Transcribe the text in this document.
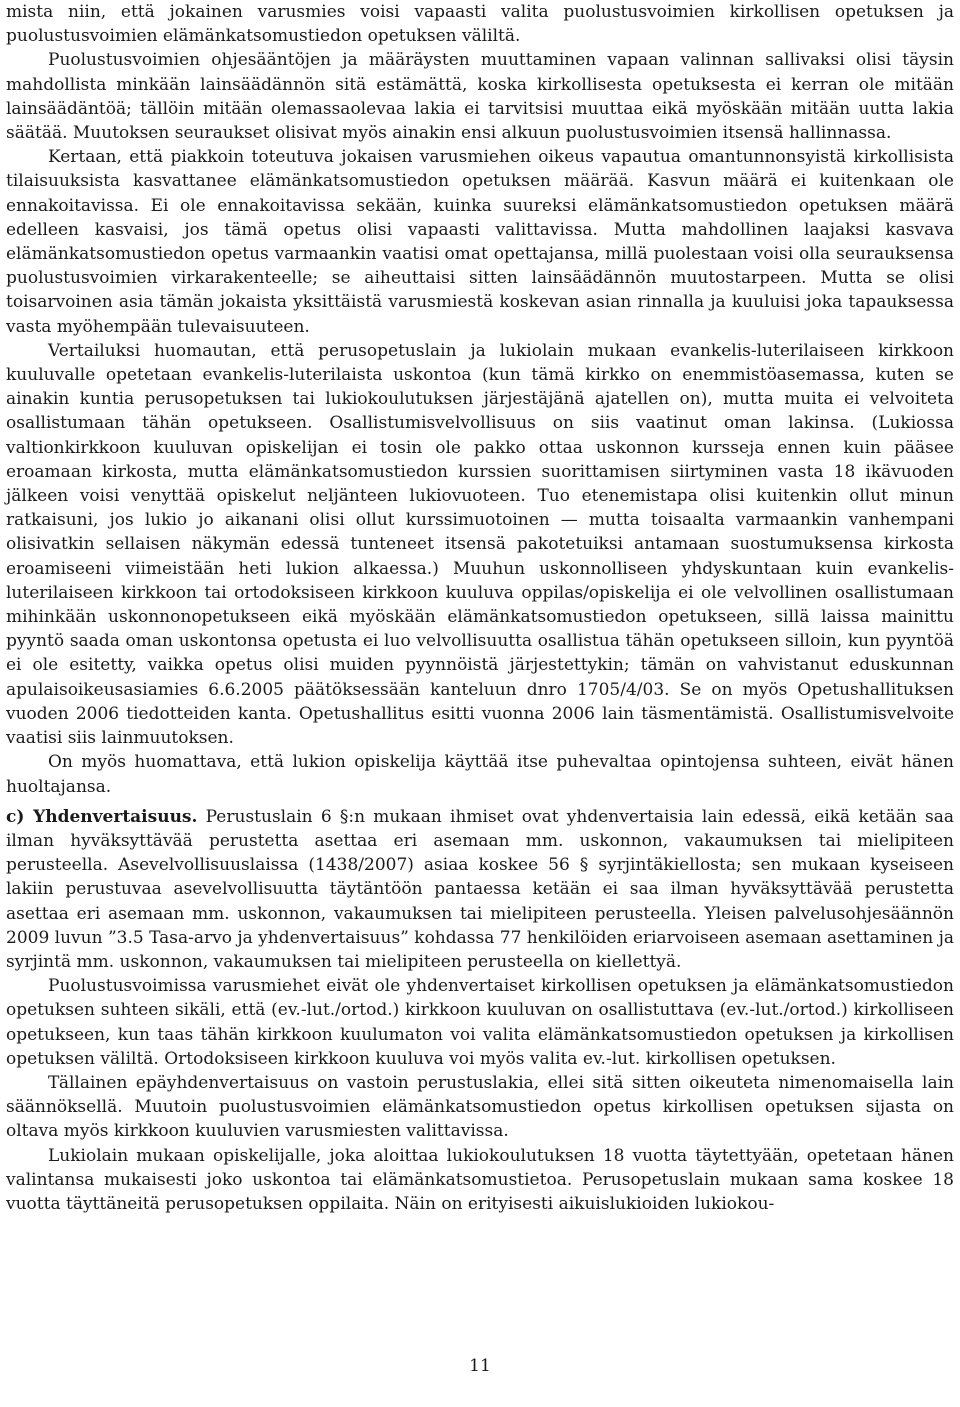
mista niin, että jokainen varusmies voisi vapaasti valita puolustusvoimien kirkollisen opetuksen ja puolustusvoimien elämänkatsomustiedon opetuksen väliltä.

Puolustusvoimien ohjesääntöjen ja määräysten muuttaminen vapaan valinnan sallivaksi olisi täysin mahdollista minkään lainsäädännön sitä estämättä, koska kirkollisesta opetuksesta ei kerran ole mitään lainsäädäntöä; tällöin mitään olemassaolevaa lakia ei tarvitsisi muuttaa eikä myöskään mitään uutta lakia säätää. Muutoksen seuraukset olisivat myös ainakin ensi alkuun puolustusvoimien itsensä hallinnassa.

Kertaan, että piakkoin toteutuva jokaisen varusmiehen oikeus vapautua omantunnonsyistä kirkollisista tilaisuuksista kasvattanee elämänkatsomustiedon opetuksen määrää. Kasvun määrä ei kuitenkaan ole ennakoitavissa. Ei ole ennakoitavissa sekään, kuinka suureksi elämänkatsomustiedon opetuksen määrä edelleen kasvaisi, jos tämä opetus olisi vapaasti valittavissa. Mutta mahdollinen laajaksi kasvava elämänkatsomustiedon opetus varmaankin vaatisi omat opettajansa, millä puolestaan voisi olla seurauksensa puolustusvoimien virkarakenteelle; se aiheuttaisi sitten lainsäädännön muutostarpeen. Mutta se olisi toisarvoinen asia tämän jokaista yksittäistä varusmiestä koskevan asian rinnalla ja kuuluisi joka tapauksessa vasta myöhempään tulevaisuuteen.

Vertailuksi huomautan, että perusopetuslain ja lukiolain mukaan evankelis-luterilaiseen kirkkoon kuuluvalle opetetaan evankelis-luterilaista uskontoa (kun tämä kirkko on enemmistöasemassa, kuten se ainakin kuntia perusopetuksen tai lukiokoulutuksen järjestäjänä ajatellen on), mutta muita ei velvoiteta osallistumaan tähän opetukseen. Osallistumisvelvollisuus on siis vaatinut oman lakinsa. (Lukiossa valtionkirkkoon kuuluvan opiskelijan ei tosin ole pakko ottaa uskonnon kursseja ennen kuin pääsee eroamaan kirkosta, mutta elämänkatsomustiedon kurssien suorittamisen siirtyminen vasta 18 ikävuoden jälkeen voisi venyttää opiskelut neljänteen lukiovuoteen. Tuo etenemistapa olisi kuitenkin ollut minun ratkaisuni, jos lukio jo aikanani olisi ollut kurssimuotoinen — mutta toisaalta varmaankin vanhempani olisivatkin sellaisen näkymän edessä tunteneet itsensä pakotetuiksi antamaan suostumuksensa kirkosta eroamiseeni viimeistään heti lukion alkaessa.) Muuhun uskonnolliseen yhdyskuntaan kuin evankelis-luterilaiseen kirkkoon tai ortodoksiseen kirkkoon kuuluva oppilas/opiskelija ei ole velvollinen osallistumaan mihinkään uskonnonopetukseen eikä myöskään elämänkatsomustiedon opetukseen, sillä laissa mainittu pyyntö saada oman uskontonsa opetusta ei luo velvollisuutta osallistua tähän opetukseen silloin, kun pyyntöä ei ole esitetty, vaikka opetus olisi muiden pyynnöistä järjestettykin; tämän on vahvistanut eduskunnan apulaisoikeusasiamies 6.6.2005 päätöksessään kanteluun dnro 1705/4/03. Se on myös Opetushallituksen vuoden 2006 tiedotteiden kanta. Opetushallitus esitti vuonna 2006 lain täsmentämistä. Osallistumisvelvoite vaatisi siis lainmuutoksen.

On myös huomattava, että lukion opiskelija käyttää itse puhevaltaa opintojensa suhteen, eivät hänen huoltajansa.

c) Yhdenvertaisuus. Perustuslain 6 §:n mukaan ihmiset ovat yhdenvertaisia lain edessä, eikä ketään saa ilman hyväksyttävää perustetta asettaa eri asemaan mm. uskonnon, vakaumuksen tai mielipiteen perusteella. Asevelvollisuuslaissa (1438/2007) asiaa koskee 56 § syrjintäkiellosta; sen mukaan kyseiseen lakiin perustuvaa asevelvollisuutta täytäntöön pantaessa ketään ei saa ilman hyväksyttävää perustetta asettaa eri asemaan mm. uskonnon, vakaumuksen tai mielipiteen perusteella. Yleisen palvelusohjesäännön 2009 luvun ”3.5 Tasa-arvo ja yhdenvertaisuus” kohdassa 77 henkilöiden eriarvoiseen asemaan asettaminen ja syrjintä mm. uskonnon, vakaumuksen tai mielipiteen perusteella on kiellettyä.

Puolustusvoimissa varusmiehet eivät ole yhdenvertaiset kirkollisen opetuksen ja elämänkatsomustiedon opetuksen suhteen sikäli, että (ev.-lut./ortod.) kirkkoon kuuluvan on osallistuttava (ev.-lut./ortod.) kirkolliseen opetukseen, kun taas tähän kirkkoon kuulumaton voi valita elämänkatsomustiedon opetuksen ja kirkollisen opetuksen väliltä. Ortodoksiseen kirkkoon kuuluva voi myös valita ev.-lut. kirkollisen opetuksen.

Tällainen epäyhdenvertaisuus on vastoin perustuslakia, ellei sitä sitten oikeuteta nimenomaisella lain säännöksellä. Muutoin puolustusvoimien elämänkatsomustiedon opetus kirkollisen opetuksen sijasta on oltava myös kirkkoon kuuluvien varusmiesten valittavissa.

Lukiolain mukaan opiskelijalle, joka aloittaa lukiokoulutuksen 18 vuotta täytettyään, opetetaan hänen valintansa mukaisesti joko uskontoa tai elämänkatsomustietoa. Perusopetuslain mukaan sama koskee 18 vuotta täyttäneitä perusopetuksen oppilaita. Näin on erityisesti aikuislukioiden lukiokou-

11
